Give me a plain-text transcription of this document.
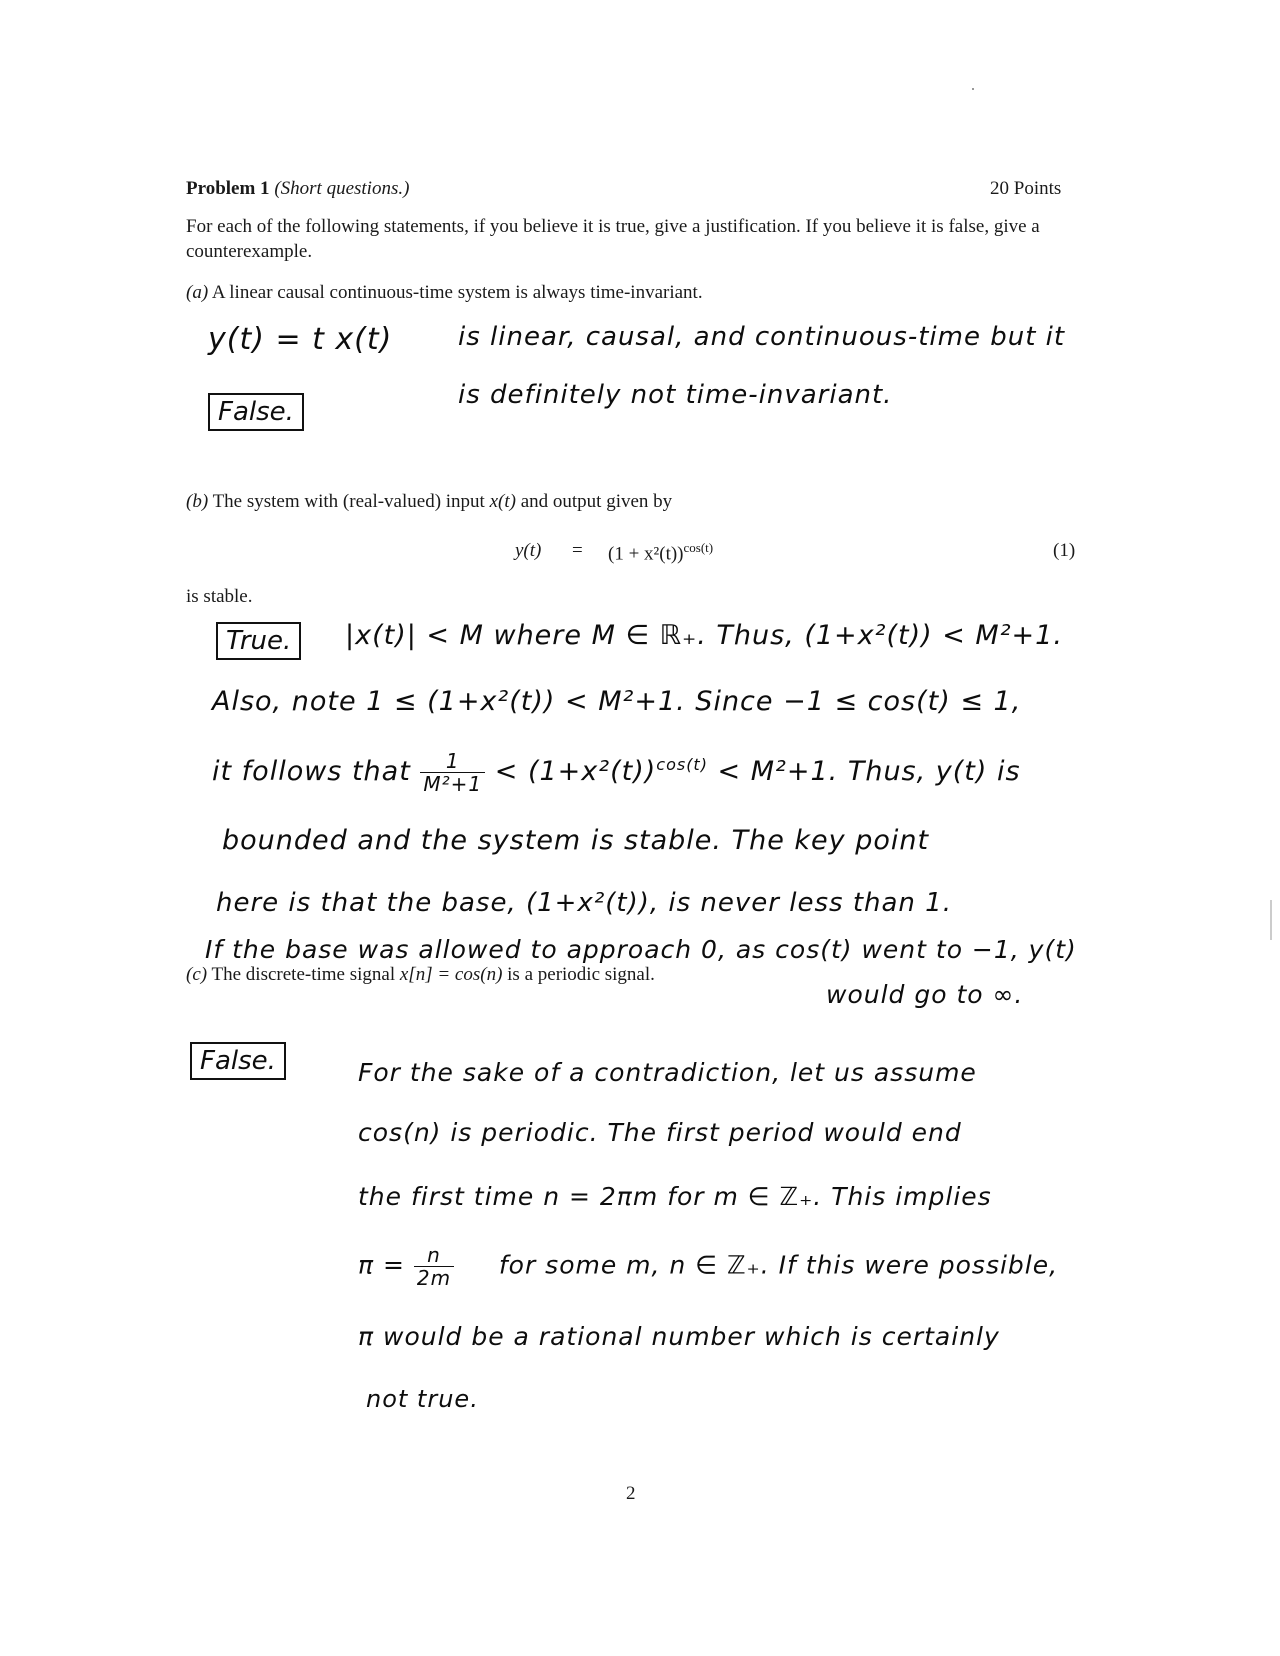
Problem 1 (Short questions.)	20 Points
For each of the following statements, if you believe it is true, give a justification. If you believe it is false, give a counterexample.
(a) A linear causal continuous-time system is always time-invariant.
y(t) = t x(t)	is linear, causal, and continuous-time but it
False.
is definitely not time-invariant.
(b) The system with (real-valued) input x(t) and output given by
$y(t) = (1 + x^2(t))^{cos(t)}$	(1)
is stable.
True.	|x(t)| < M where M ∈ ℝ₊. Thus, (1+x²(t)) < M²+1.
Also, note 1 ≤ (1+x²(t)) < M²+1. Since −1 ≤ cos(t) ≤ 1,
it follows that $\frac{1}{\text{M²+1}} < (1+x^2(t))^{cos(t)} < M^2+1$. Thus, y(t) is
bounded and the system is stable. The key point
here is that the base, (1+x²(t)), is never less than 1.
If the base was allowed to approach 0, as cos(t) went to −1, y(t)
would go to ∞.
(c) The discrete-time signal x[n] = cos(n) is a periodic signal.
False.	For the sake of a contradiction, let us assume
cos(n) is periodic. The first period would end
the first time n = 2πm for m ∈ ℤ₊. This implies
$\pi = \frac{n}{2m}$ for some m, n ∈ ℤ₊. If this were possible,
π would be a rational number which is certainly
not true.
2
